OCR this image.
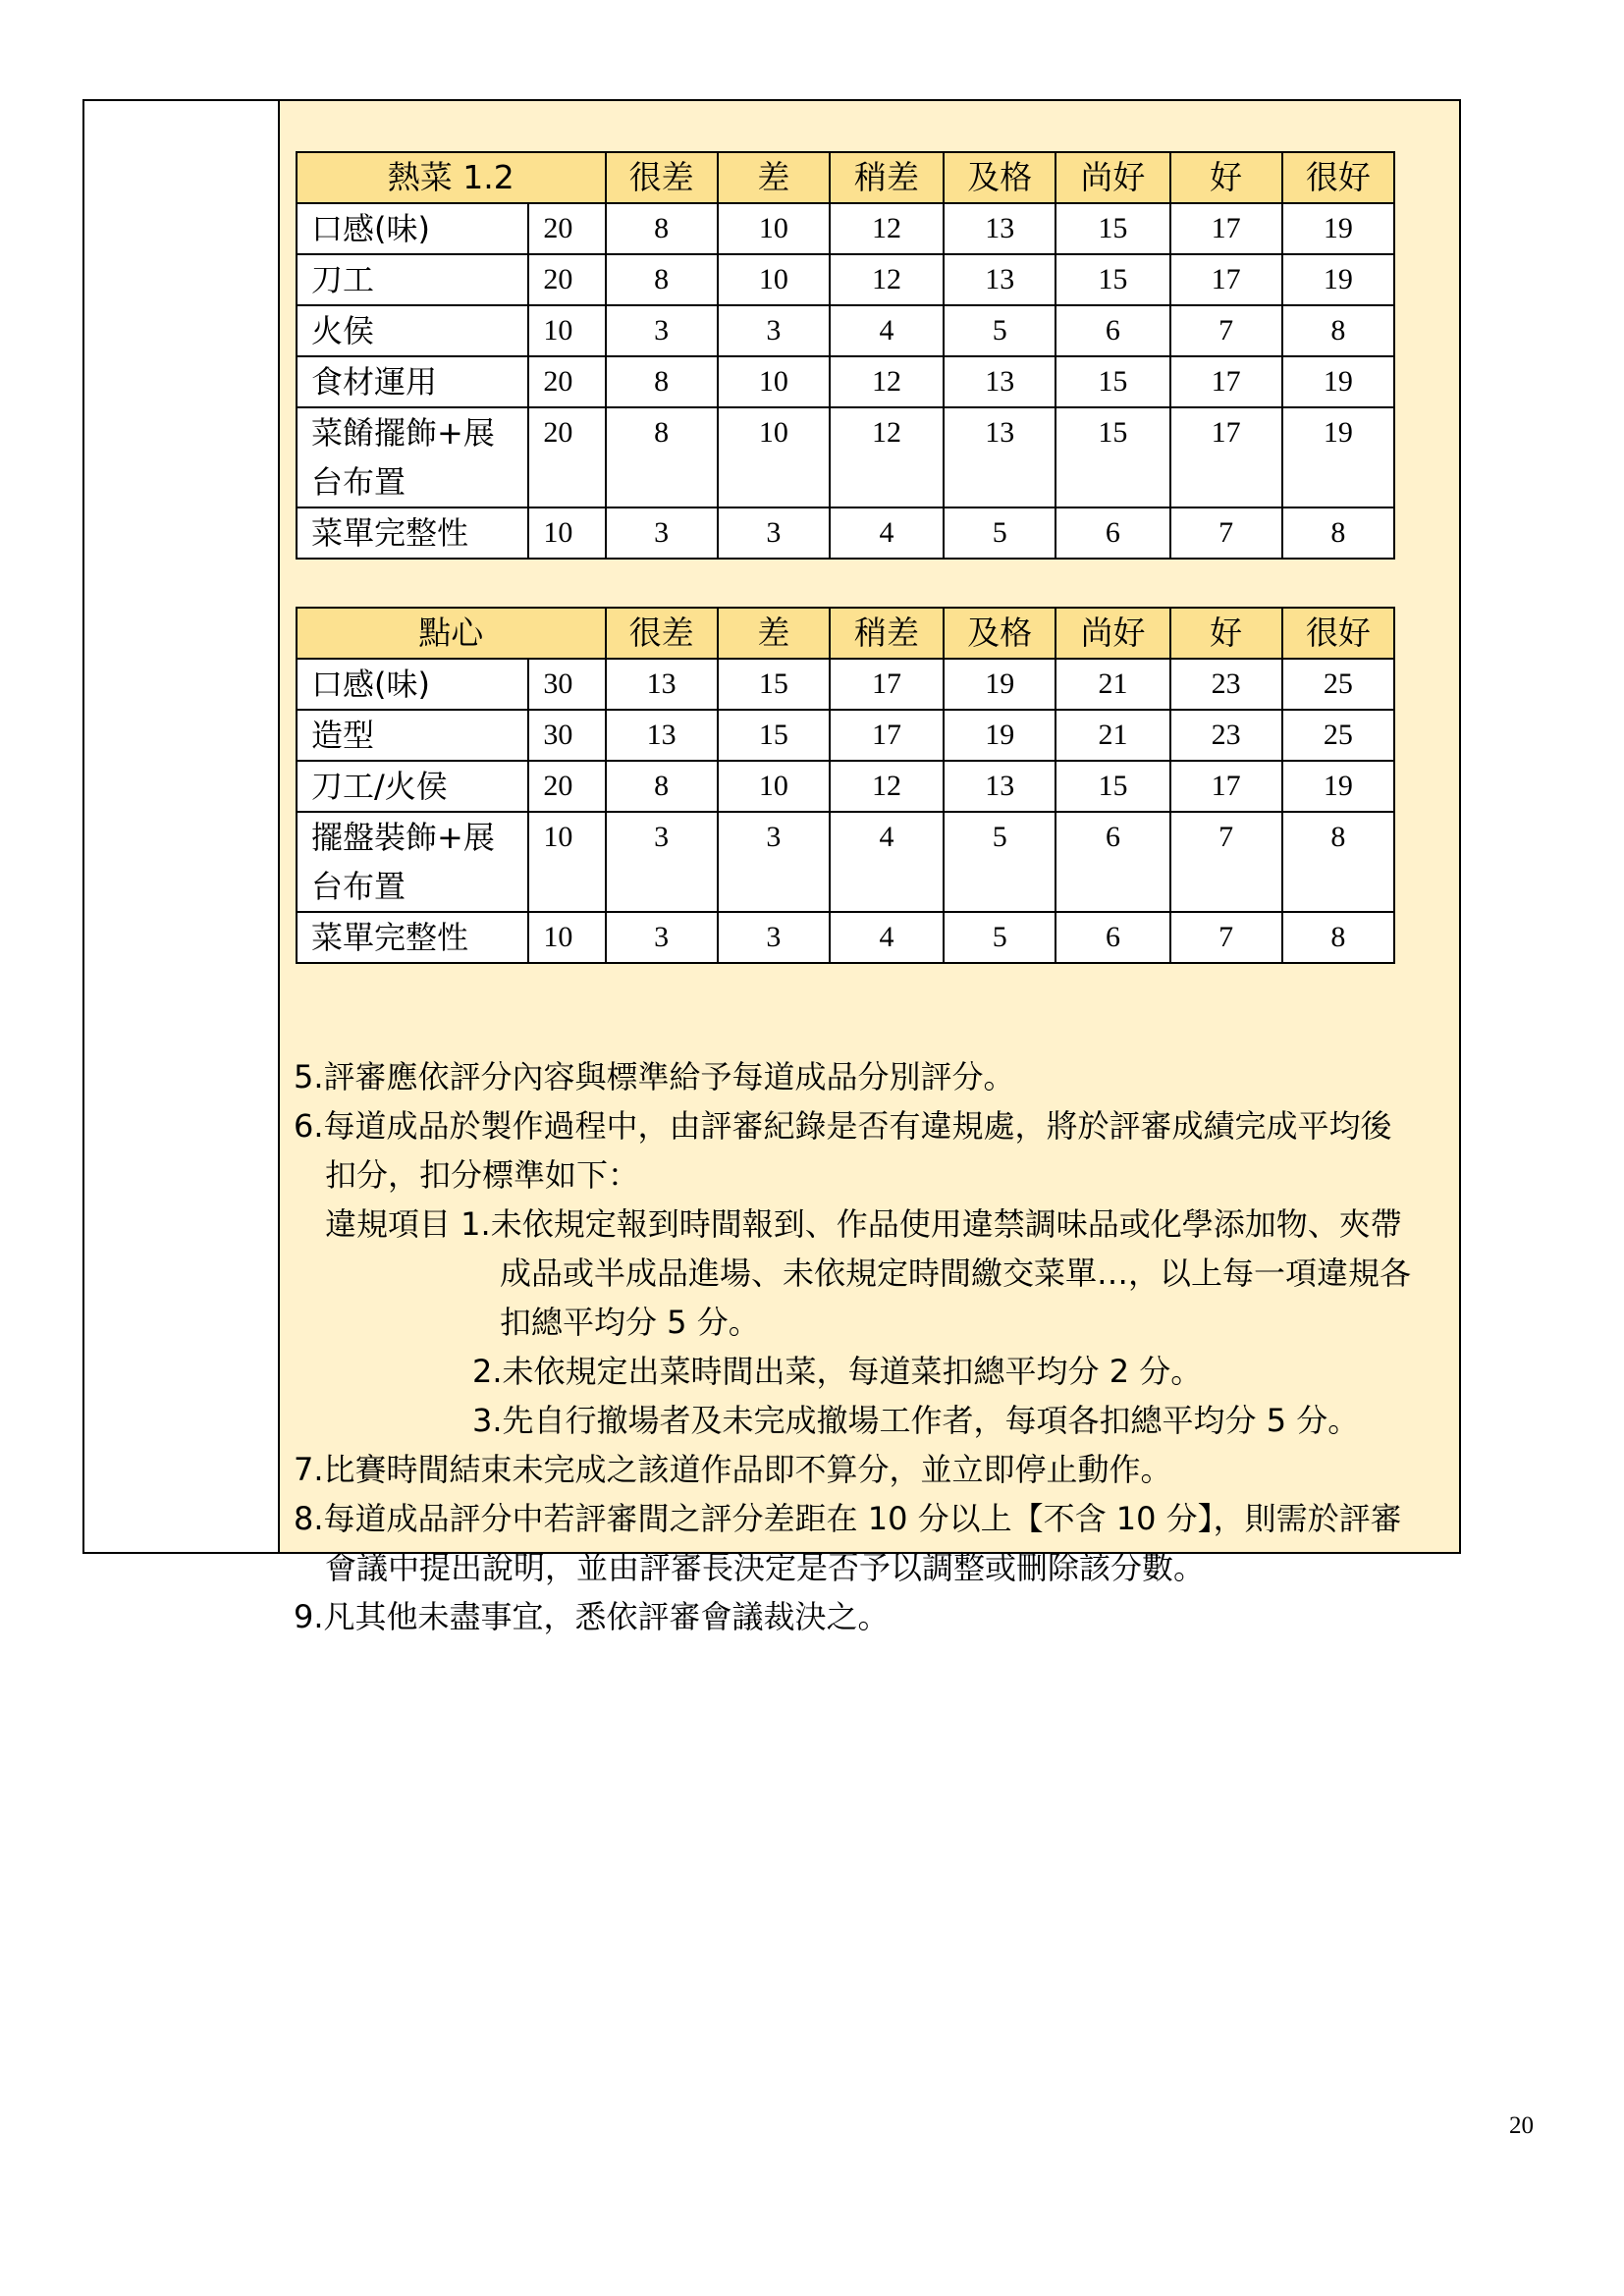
熱菜 1.2		很差	差	稍差	及格	尚好	好	很好
口感(味)	20	8	10	12	13	15	17	19
刀工	20	8	10	12	13	15	17	19
火侯	10	3	3	4	5	6	7	8
食材運用	20	8	10	12	13	15	17	19

菜餚擺飾+展
台布置	20	8	10	12	13	15	17	19
菜單完整性	10	3	3	4	5	6	7	8
點心		很差	差	稍差	及格	尚好	好	很好
口感(味)	30	13	15	17	19	21	23	25
造型	30	13	15	17	19	21	23	25
刀工/火侯	20	8	10	12	13	15	17	19

擺盤裝飾+展
台布置	10	3	3	4	5	6	7	8
菜單完整性	10	3	3	4	5	6	7	8

5.評審應依評分內容與標準給予每道成品分別評分。

6.每道成品於製作過程中，由評審紀錄是否有違規處，將於評審成績完成平均後

扣分，扣分標準如下：

違規項目 1.未依規定報到時間報到、作品使用違禁調味品或化學添加物、夾帶

成品或半成品進場、未依規定時間繳交菜單…，以上每一項違規各

扣總平均分 5 分。

2.未依規定出菜時間出菜，每道菜扣總平均分 2 分。

3.先自行撤場者及未完成撤場工作者，每項各扣總平均分 5 分。

7.比賽時間結束未完成之該道作品即不算分，並立即停止動作。

8.每道成品評分中若評審間之評分差距在 10 分以上【不含 10 分】，則需於評審

會議中提出說明，並由評審長決定是否予以調整或刪除該分數。

9.凡其他未盡事宜，悉依評審會議裁決之。

20
